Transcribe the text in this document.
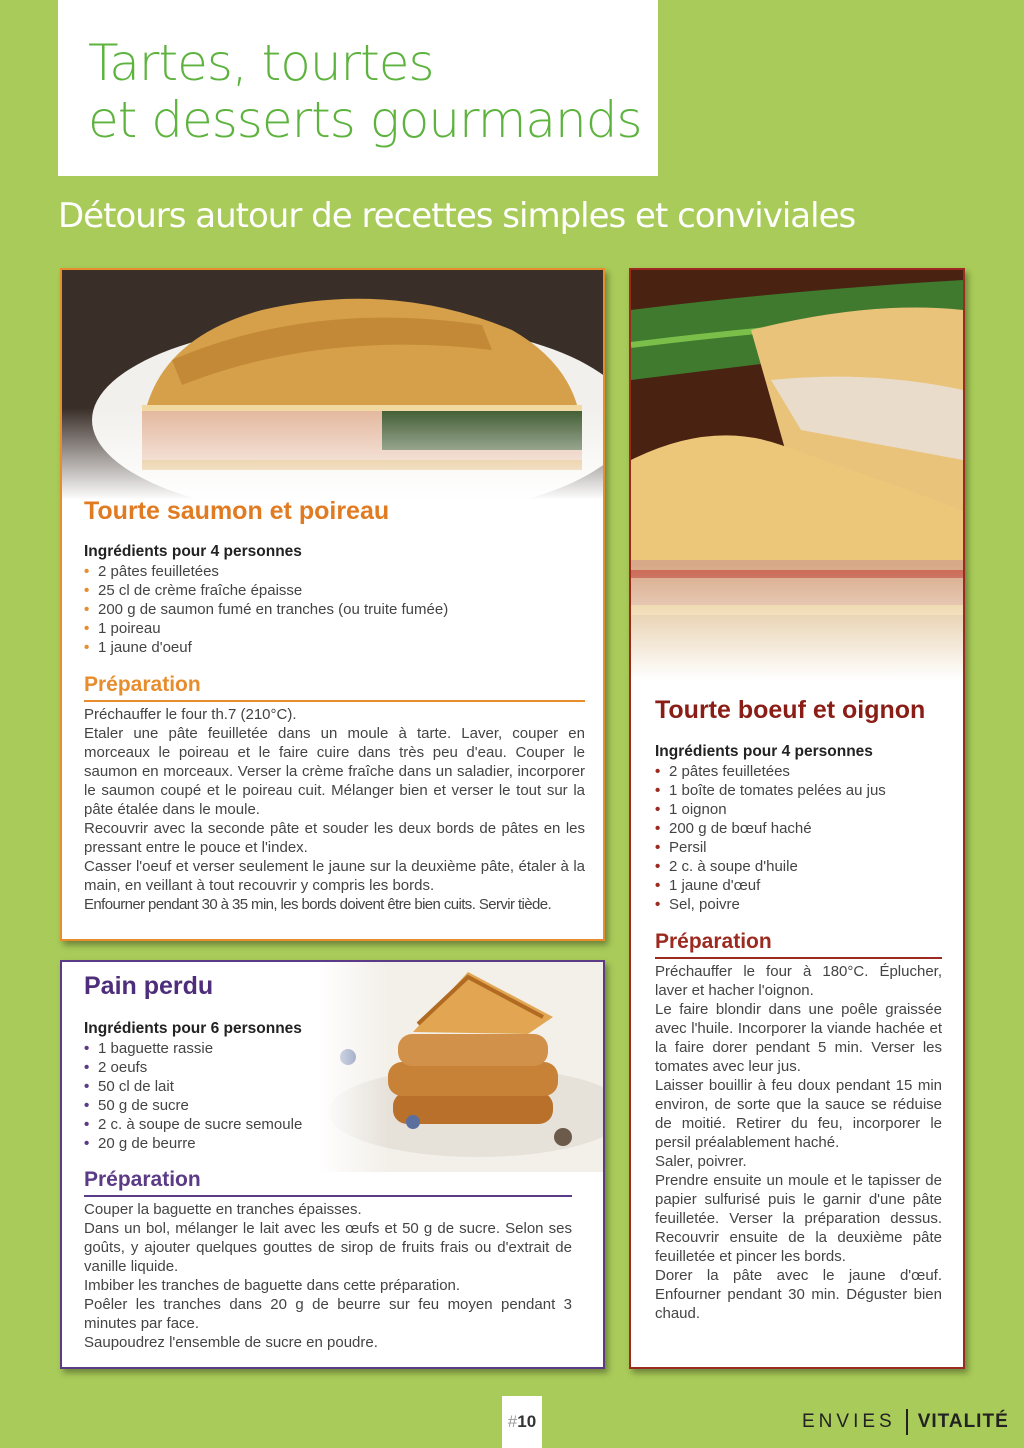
Tartes, tourtes
et desserts gourmands
Détours autour de recettes simples et conviviales
Tourte saumon et poireau
Ingrédients pour 4 personnes
• 2 pâtes feuilletées
• 25 cl de crème fraîche épaisse
• 200 g de saumon fumé en tranches (ou truite fumée)
• 1 poireau
• 1 jaune d'oeuf
Préparation

Préchauffer le four th.7 (210°C).

Etaler une pâte feuilletée dans un moule à tarte. Laver, couper en morceaux le poireau et le faire cuire dans très peu d'eau. Couper le saumon en morceaux. Verser la crème fraîche dans un saladier, incorporer le saumon coupé et le poireau cuit. Mélanger bien et verser le tout sur la pâte étalée dans le moule.

Recouvrir avec la seconde pâte et souder les deux bords de pâtes en les pressant entre le pouce et l'index.

Casser l'oeuf et verser seulement le jaune sur la deuxième pâte, étaler à la main, en veillant à tout recouvrir y compris les bords.

Enfourner pendant 30 à 35 min, les bords doivent être bien cuits. Servir tiède.

Tourte boeuf et oignon
Ingrédients pour 4 personnes
• 2 pâtes feuilletées
• 1 boîte de tomates pelées au jus
• 1 oignon
• 200 g de bœuf haché
• Persil
• 2 c. à soupe d'huile
• 1 jaune d'œuf
• Sel, poivre
Préparation

Préchauffer le four à 180°C. Éplucher, laver et hacher l'oignon.

Le faire blondir dans une poêle graissée avec l'huile. Incorporer la viande hachée et la faire dorer pendant 5 min. Verser les tomates avec leur jus.

Laisser bouillir à feu doux pendant 15 min environ, de sorte que la sauce se réduise de moitié. Retirer du feu, incorporer le persil préalablement haché.

Saler, poivrer.

Prendre ensuite un moule et le tapisser de papier sulfurisé puis le garnir d'une pâte feuilletée. Verser la préparation dessus. Recouvrir ensuite de la deuxième pâte feuilletée et pincer les bords.

Dorer la pâte avec le jaune d'œuf. Enfourner pendant 30 min. Déguster bien chaud.

Pain perdu
Ingrédients pour 6 personnes
• 1 baguette rassie
• 2 oeufs
• 50 cl de lait
• 50 g de sucre
• 2 c. à soupe de sucre semoule
• 20 g de beurre
Préparation

Couper la baguette en tranches épaisses.

Dans un bol, mélanger le lait avec les œufs et 50 g de sucre. Selon ses goûts, y ajouter quelques gouttes de sirop de fruits frais ou d'extrait de vanille liquide.

Imbiber les tranches de baguette dans cette préparation.

Poêler les tranches dans 20 g de beurre sur feu moyen pendant 3 minutes par face.

Saupoudrez l'ensemble de sucre en poudre.

#10	ENVIES VITALITÉ
